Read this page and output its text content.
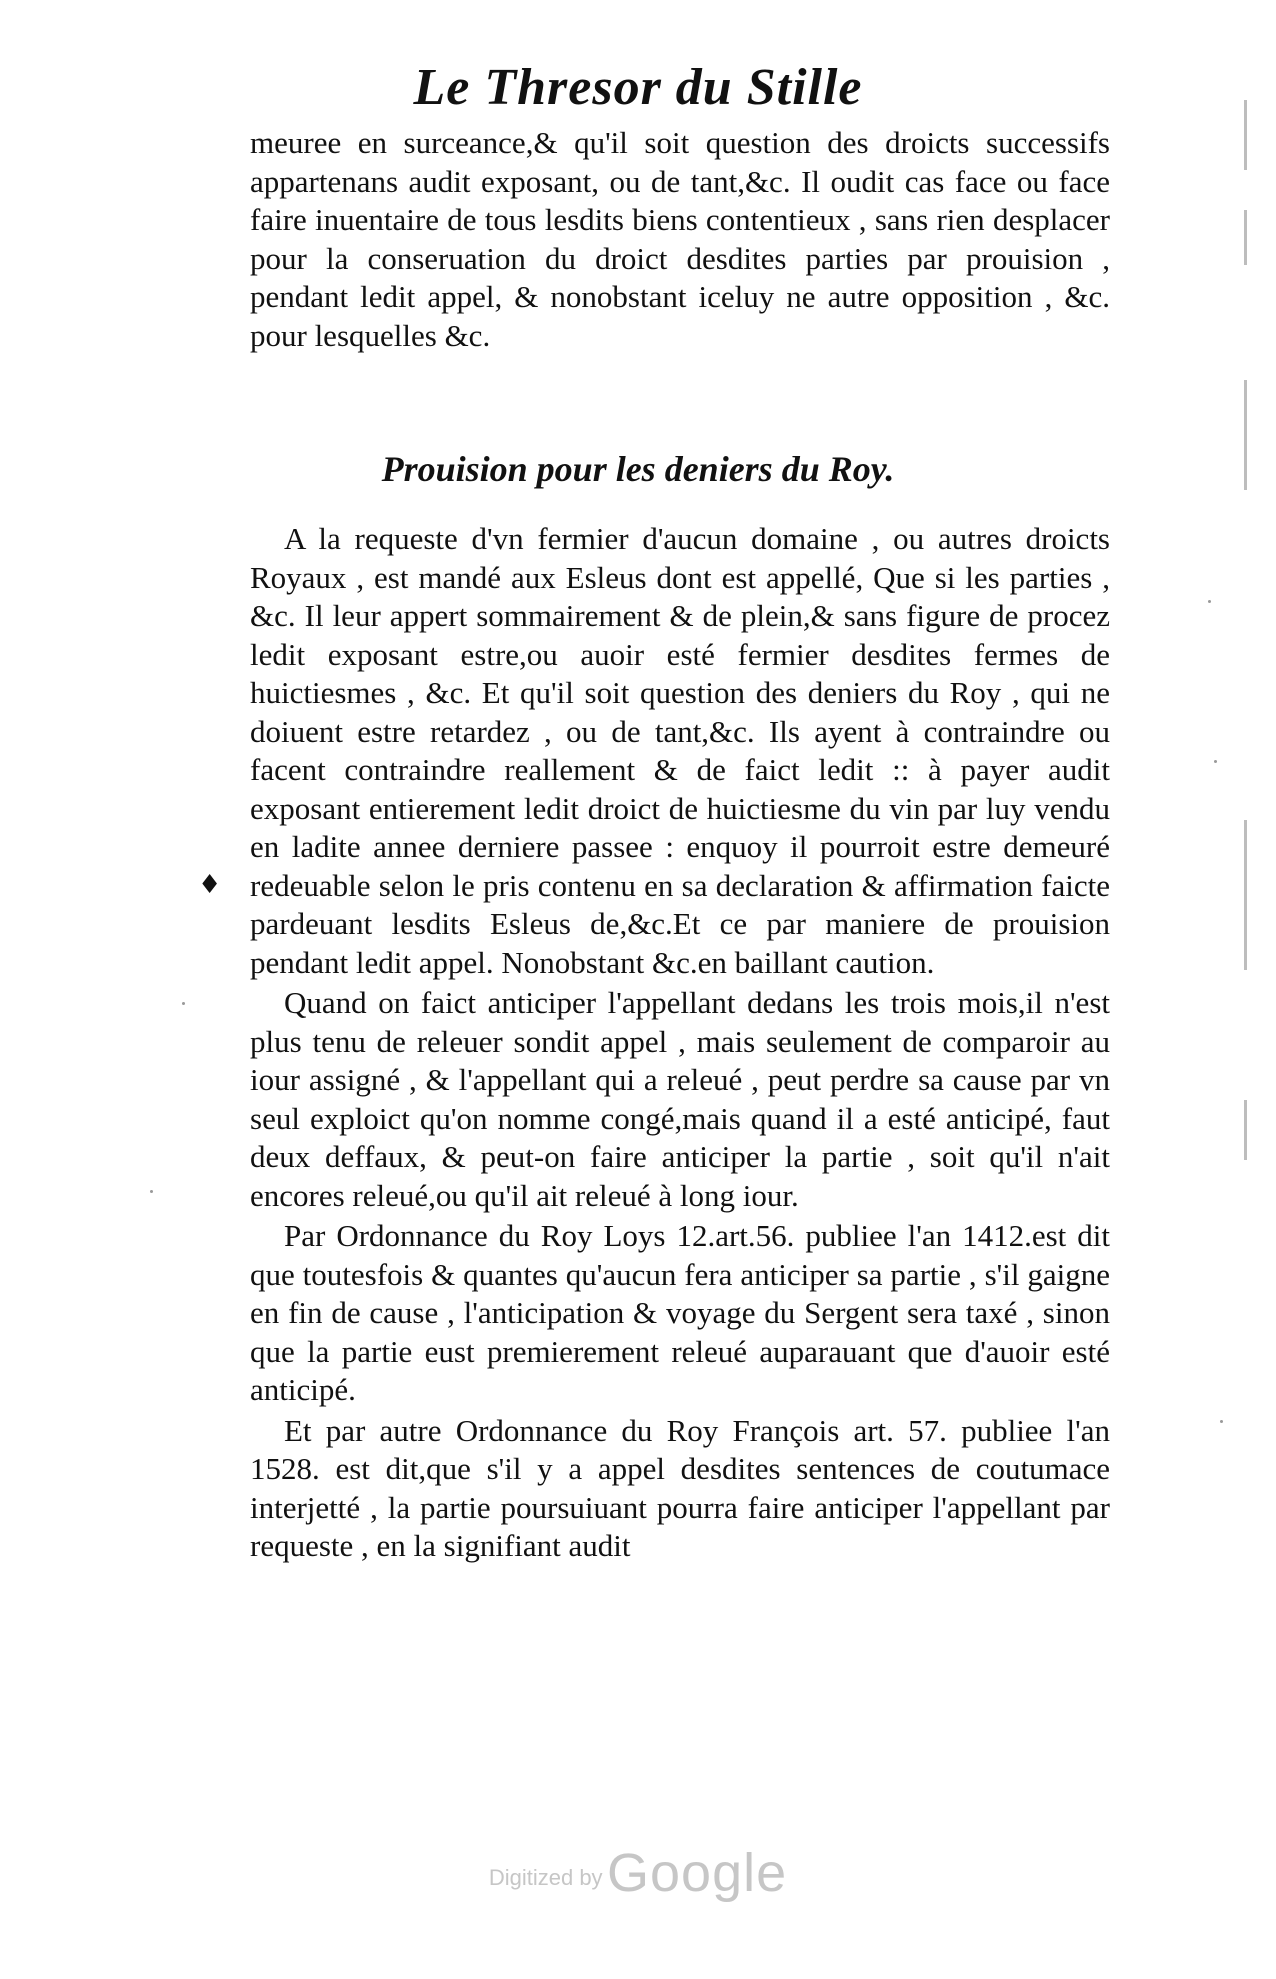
Le Thresor du Stille

meuree en surceance,& qu'il soit question des droicts successifs appartenans audit exposant, ou de tant,&c. Il oudit cas face ou face faire inuentaire de tous lesdits biens contentieux , sans rien desplacer pour la conseruation du droict desdites parties par prouision , pendant ledit appel, & nonobstant iceluy ne autre opposition , &c. pour lesquelles &c.

Prouision pour les deniers du Roy.

A la requeste d'vn fermier d'aucun domaine , ou autres droicts Royaux , est mandé aux Esleus dont est appellé, Que si les parties , &c. Il leur appert sommairement & de plein,& sans figure de procez ledit exposant estre,ou auoir esté fermier desdites fermes de huictiesmes , &c. Et qu'il soit question des deniers du Roy , qui ne doiuent estre retardez , ou de tant,&c. Ils ayent à contraindre ou facent contraindre reallement & de faict ledit :: à payer audit exposant entierement ledit droict de huictiesme du vin par luy vendu en ladite annee derniere passee : enquoy il pourroit estre demeuré redeuable selon le pris contenu en sa declaration & affirmation faicte pardeuant lesdits Esleus de,&c.Et ce par maniere de prouision pendant ledit appel. Nonobstant &c.en baillant caution.

Quand on faict anticiper l'appellant dedans les trois mois,il n'est plus tenu de releuer sondit appel , mais seulement de comparoir au iour assigné , & l'appellant qui a releué , peut perdre sa cause par vn seul exploict qu'on nomme congé,mais quand il a esté anticipé, faut deux deffaux, & peut-on faire anticiper la partie , soit qu'il n'ait encores releué,ou qu'il ait releué à long iour.

Par Ordonnance du Roy Loys 12.art.56. publiee l'an 1412.est dit que toutesfois & quantes qu'aucun fera anticiper sa partie , s'il gaigne en fin de cause , l'anticipation & voyage du Sergent sera taxé , sinon que la partie eust premierement releué auparauant que d'auoir esté anticipé.

Et par autre Ordonnance du Roy François art. 57. publiee l'an 1528. est dit,que s'il y a appel desdites sentences de coutumace interjetté , la partie poursuiuant pourra faire anticiper l'appellant par requeste , en la signifiant audit

♦
Digitized by Google
